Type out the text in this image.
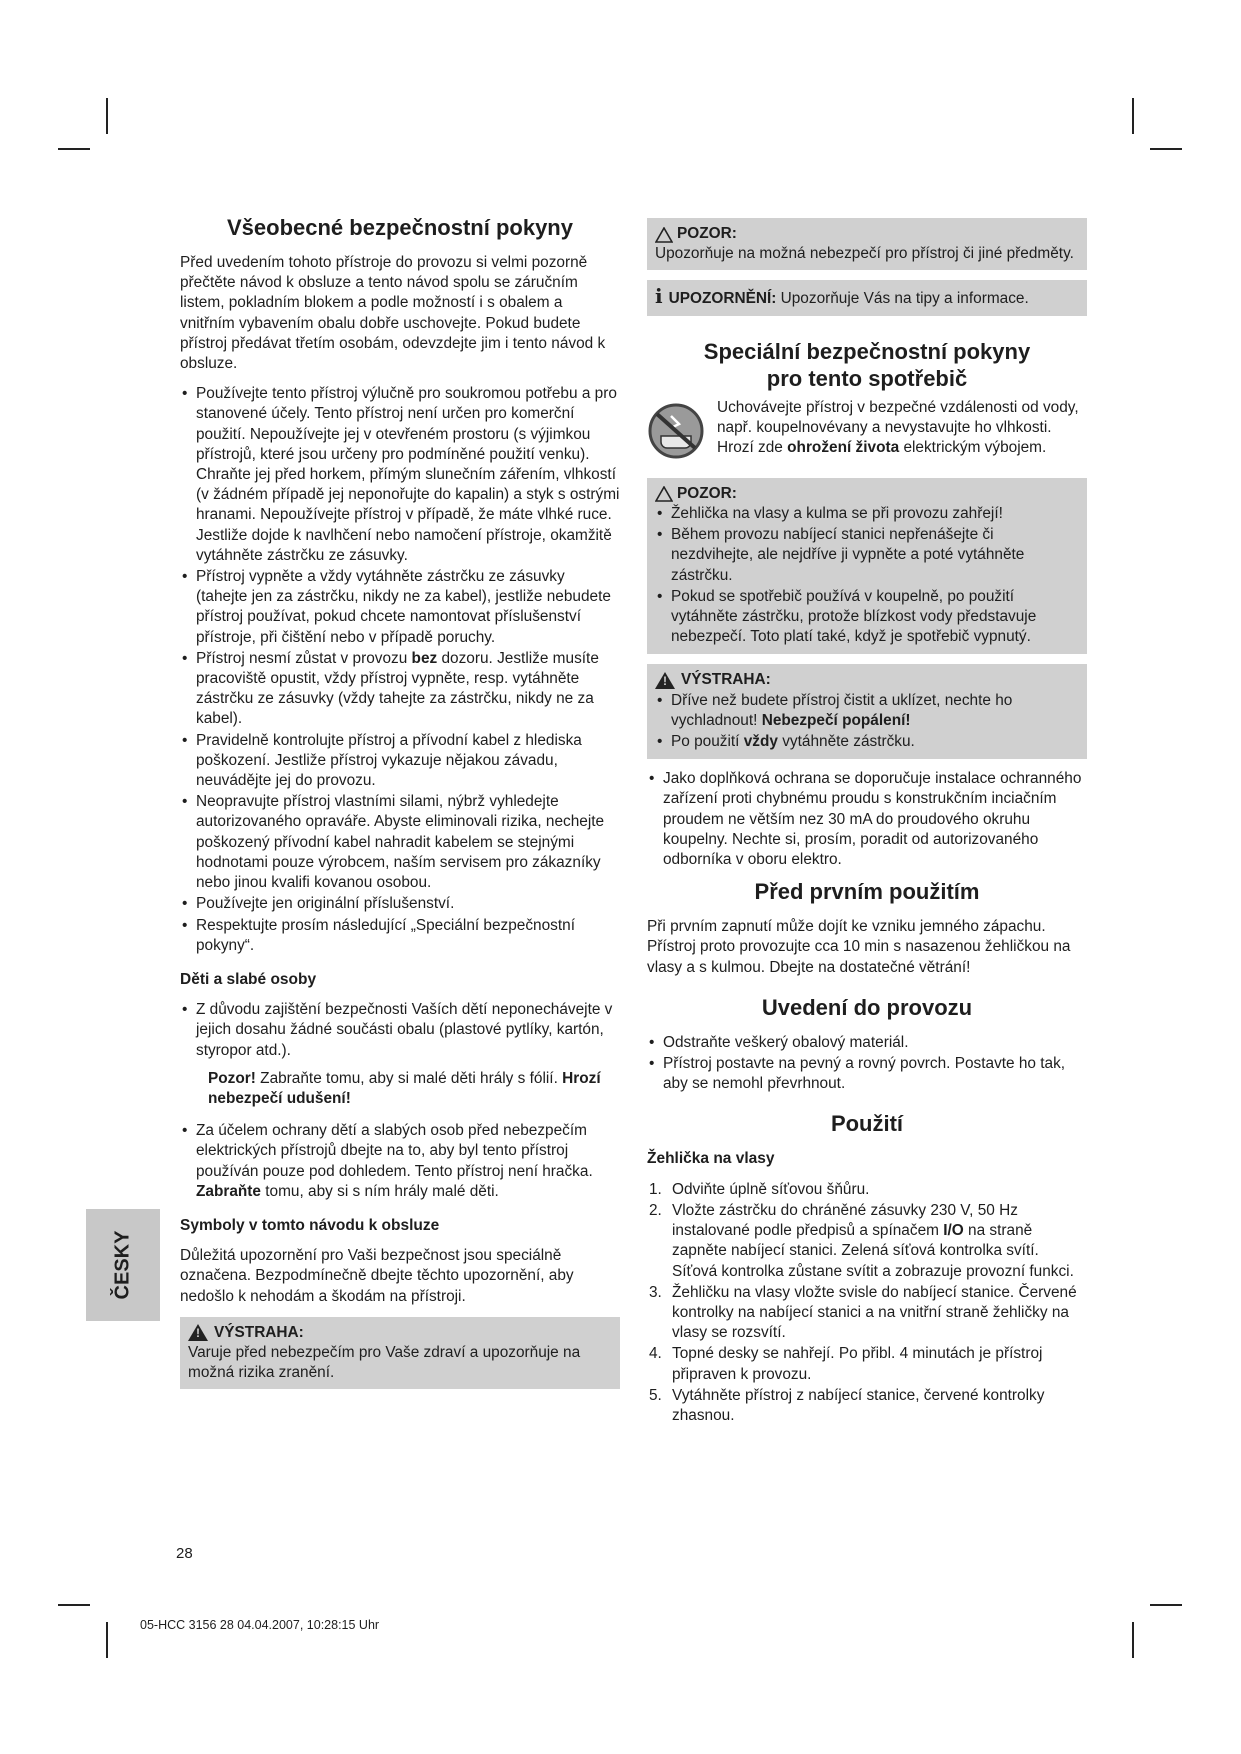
ČESKY
Všeobecné bezpečnostní pokyny

Před uvedením tohoto přístroje do provozu si velmi pozorně přečtěte návod k obsluze a tento návod spolu se záručním listem, pokladním blokem a podle možností i s obalem a vnitřním vybavením obalu dobře uschovejte. Pokud budete přístroj předávat třetím osobám, odevzdejte jim i tento návod k obsluze.

• Používejte tento přístroj výlučně pro soukromou potřebu a pro stanovené účely. Tento přístroj není určen pro komerční použití. Nepoužívejte jej v otevřeném prostoru (s výjimkou přístrojů, které jsou určeny pro podmíněné použití venku). Chraňte jej před horkem, přímým slunečním zářením, vlhkostí (v žádném případě jej neponořujte do kapalin) a styk s ostrými hranami. Nepoužívejte přístroj v případě, že máte vlhké ruce. Jestliže dojde k navlhčení nebo namočení přístroje, okamžitě vytáhněte zástrčku ze zásuvky.
• Přístroj vypněte a vždy vytáhněte zástrčku ze zásuvky (tahejte jen za zástrčku, nikdy ne za kabel), jestliže nebudete přístroj používat, pokud chcete namontovat příslušenství přístroje, při čištění nebo v případě poruchy.
• Přístroj nesmí zůstat v provozu bez dozoru. Jestliže musíte pracoviště opustit, vždy přístroj vypněte, resp. vytáhněte zástrčku ze zásuvky (vždy tahejte za zástrčku, nikdy ne za kabel).
• Pravidelně kontrolujte přístroj a přívodní kabel z hlediska poškození. Jestliže přístroj vykazuje nějakou závadu, neuvádějte jej do provozu.
• Neopravujte přístroj vlastními silami, nýbrž vyhledejte autorizovaného opraváře. Abyste eliminovali rizika, nechejte poškozený přívodní kabel nahradit kabelem se stejnými hodnotami pouze výrobcem, naším servisem pro zákazníky nebo jinou kvalifi kovanou osobou.
• Používejte jen originální příslušenství.
• Respektujte prosím následující „Speciální bezpečnostní pokyny“.
Děti a slabé osoby
• Z důvodu zajištění bezpečnosti Vaších dětí neponechávejte v jejich dosahu žádné součásti obalu (plastové pytlíky, kartón, styropor atd.).

Pozor! Zabraňte tomu, aby si malé děti hrály s fólií. Hrozí nebezpečí udušení!

• Za účelem ochrany dětí a slabých osob před nebezpečím elektrických přístrojů dbejte na to, aby byl tento přístroj používán pouze pod dohledem. Tento přístroj není hračka. Zabraňte tomu, aby si s ním hrály malé děti.
Symboly v tomto návodu k obsluze

Důležitá upozornění pro Vaši bezpečnost jsou speciálně označena. Bezpodmínečně dbejte těchto upozornění, aby nedošlo k nehodám a škodám na přístroji.

!
VÝSTRAHA:
Varuje před nebezpečím pro Vaše zdraví a upozorňuje na možná rizika zranění.
POZOR:
Upozorňuje na možná nebezpečí pro přístroj či jiné předměty.
i UPOZORNĚNÍ: Upozorňuje Vás na tipy a informace.
Speciální bezpečnostní pokyny
pro tento spotřebič
Uchovávejte přístroj v bezpečné vzdálenosti od vody, např. koupelnovévany a nevystavujte ho vlhkosti. Hrozí zde ohrožení života elektrickým výbojem.
POZOR:
• Žehlička na vlasy a kulma se při provozu zahřejí!
• Během provozu nabíjecí stanici nepřenášejte či nezdvihejte, ale nejdříve ji vypněte a poté vytáhněte zástrčku.
• Pokud se spotřebič používá v koupelně, po použití vytáhněte zástrčku, protože blízkost vody představuje nebezpečí. Toto platí také, když je spotřebič vypnutý.
!
VÝSTRAHA:
• Dříve než budete přístroj čistit a uklízet, nechte ho vychladnout! Nebezpečí popálení!
• Po použití vždy vytáhněte zástrčku.
• Jako doplňková ochrana se doporučuje instalace ochranného zařízení proti chybnému proudu s konstrukčním inciačním proudem ne větším nez 30 mA do proudového okruhu koupelny. Nechte si, prosím, poradit od autorizovaného odborníka v oboru elektro.
Před prvním použitím

Při prvním zapnutí může dojít ke vzniku jemného zápachu. Přístroj proto provozujte cca 10 min s nasazenou žehličkou na vlasy a s kulmou. Dbejte na dostatečné větrání!

Uvedení do provozu
• Odstraňte veškerý obalový materiál.
• Přístroj postavte na pevný a rovný povrch. Postavte ho tak, aby se nemohl převrhnout.
Použití
Žehlička na vlasy
1. Odviňte úplně síťovou šňůru.
2. Vložte zástrčku do chráněné zásuvky 230 V, 50 Hz instalované podle předpisů a spínačem I/O na straně zapněte nabíjecí stanici. Zelená síťová kontrolka svítí. Síťová kontrolka zůstane svítit a zobrazuje provozní funkci.
3. Žehličku na vlasy vložte svisle do nabíjecí stanice. Červené kontrolky na nabíjecí stanici a na vnitřní straně žehličky na vlasy se rozsvítí.
4. Topné desky se nahřejí. Po přibl. 4 minutách je přístroj připraven k provozu.
5. Vytáhněte přístroj z nabíjecí stanice, červené kontrolky zhasnou.
28
05-HCC 3156 28 04.04.2007, 10:28:15 Uhr
